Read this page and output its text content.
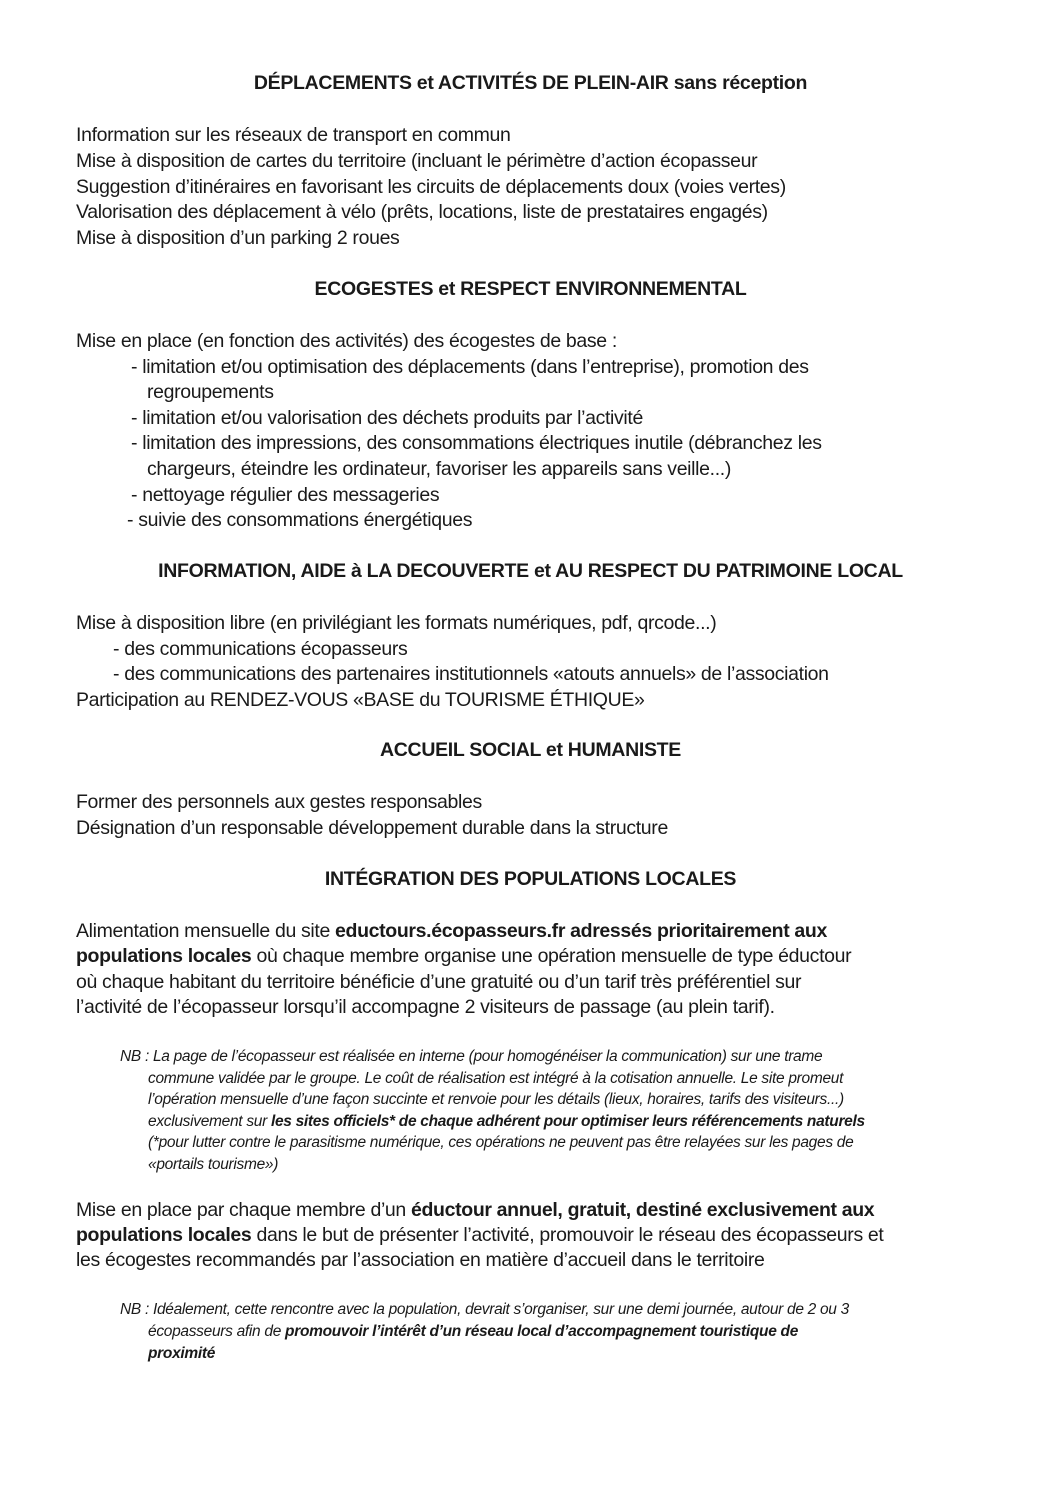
DÉPLACEMENTS et ACTIVITÉS DE PLEIN-AIR sans réception
Information sur les réseaux de transport en commun
Mise à disposition de cartes du territoire (incluant le périmètre d’action écopasseur
Suggestion d’itinéraires en favorisant les circuits de déplacements doux (voies vertes)
Valorisation des déplacement à vélo (prêts, locations, liste de prestataires engagés)
Mise à disposition d’un parking 2 roues
ECOGESTES et RESPECT ENVIRONNEMENTAL
Mise en place (en fonction des activités) des écogestes de base :
- limitation et/ou optimisation des déplacements (dans l’entreprise), promotion des
regroupements
- limitation et/ou valorisation des déchets produits par l’activité
- limitation des impressions, des consommations électriques inutile (débranchez les
chargeurs, éteindre les ordinateur, favoriser les appareils sans veille...)
- nettoyage régulier des messageries
- suivie des consommations énergétiques
INFORMATION, AIDE à LA DECOUVERTE et AU RESPECT DU PATRIMOINE LOCAL
Mise à disposition libre (en privilégiant les formats numériques, pdf, qrcode...)
- des communications écopasseurs
- des communications des partenaires institutionnels «atouts annuels» de l’association
Participation au RENDEZ-VOUS «BASE du TOURISME ÉTHIQUE»
ACCUEIL SOCIAL et HUMANISTE
Former des personnels aux gestes responsables
Désignation d’un responsable développement durable dans la structure
INTÉGRATION DES POPULATIONS LOCALES
Alimentation mensuelle du site eductours.écopasseurs.fr adressés prioritairement aux
populations locales où chaque membre organise une opération mensuelle de type éductour
où chaque habitant du territoire bénéficie d’une gratuité ou d’un tarif très préférentiel sur
l’activité de l’écopasseur lorsqu’il accompagne 2 visiteurs de passage (au plein tarif).
NB : La page de l’écopasseur est réalisée en interne (pour homogénéiser la communication) sur une trame
commune validée par le groupe. Le coût de réalisation est intégré à la cotisation annuelle. Le site promeut
l’opération mensuelle d’une façon succinte et renvoie pour les détails (lieux, horaires, tarifs des visiteurs...)
exclusivement sur les sites officiels* de chaque adhérent pour optimiser leurs référencements naturels
(*pour lutter contre le parasitisme numérique, ces opérations ne peuvent pas être relayées sur les pages de
«portails tourisme»)
Mise en place par chaque membre d’un éductour annuel, gratuit, destiné exclusivement aux
populations locales dans le but de présenter l’activité, promouvoir le réseau des écopasseurs et
les écogestes recommandés par l’association en matière d’accueil dans le territoire
NB : Idéalement, cette rencontre avec la population, devrait s’organiser, sur une demi journée, autour de 2 ou 3
écopasseurs afin de promouvoir l’intérêt d’un réseau local d’accompagnement touristique de
proximité
